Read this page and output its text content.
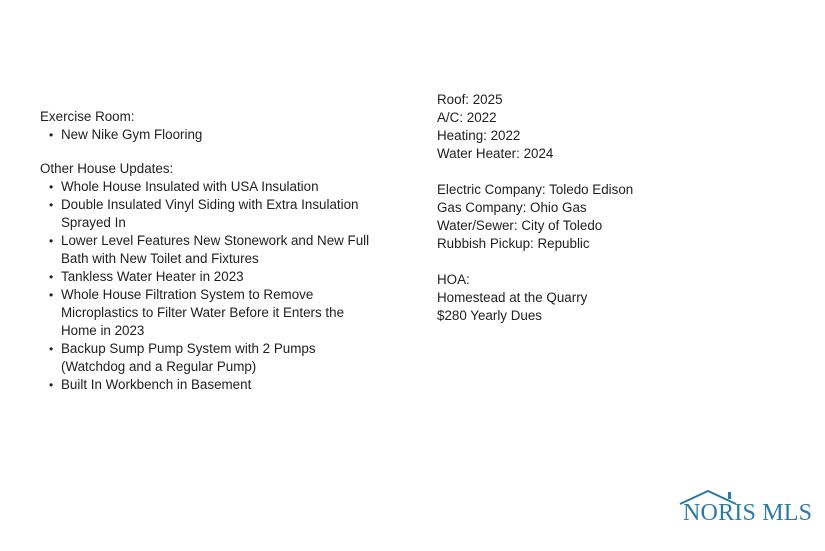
Exercise Room:
• New Nike Gym Flooring
Other House Updates:
• Whole House Insulated with USA Insulation
• Double Insulated Vinyl Siding with Extra Insulation Sprayed In
• Lower Level Features New Stonework and New Full Bath with New Toilet and Fixtures
• Tankless Water Heater in 2023
• Whole House Filtration System to Remove Microplastics to Filter Water Before it Enters the Home in 2023
• Backup Sump Pump System with 2 Pumps (Watchdog and a Regular Pump)
• Built In Workbench in Basement
Roof: 2025
A/C: 2022
Heating: 2022
Water Heater: 2024
Electric Company: Toledo Edison
Gas Company: Ohio Gas
Water/Sewer: City of Toledo
Rubbish Pickup: Republic
HOA:
Homestead at the Quarry
$280 Yearly Dues
NORIS MLS
